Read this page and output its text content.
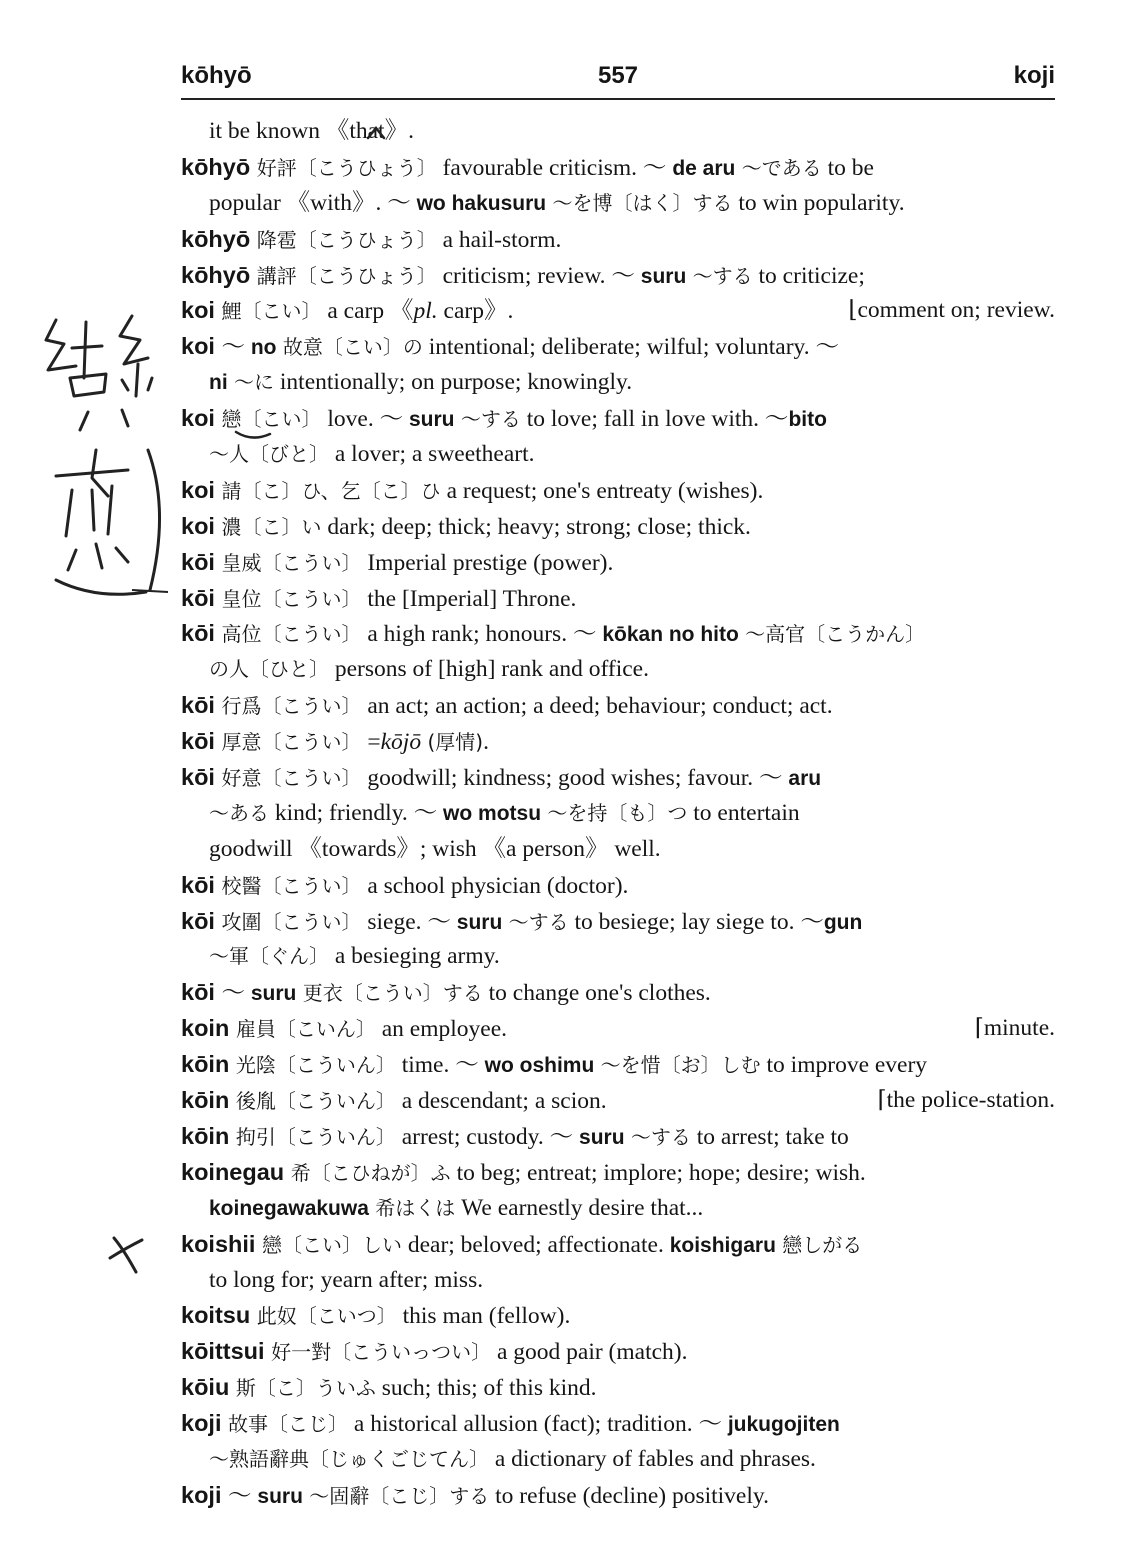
kōhyō	557	koji
it be known 《that》.
kōhyō 好評〔こうひょう〕 favourable criticism. ～ de aru ～である to be
popular 《with》. ～ wo hakusuru ～を博〔はく〕する to win popularity.
kōhyō 降雹〔こうひょう〕 a hail-storm.
kōhyō 講評〔こうひょう〕 criticism; review. ～ suru ～する to criticize;
koi 鯉〔こい〕 a carp 《pl. carp》.	⌊comment on; review.
koi ～ no 故意〔こい〕の intentional; deliberate; wilful; voluntary. ～
ni ～に intentionally; on purpose; knowingly.
koi 戀〔こい〕 love. ～ suru ～する to love; fall in love with. ～bito
～人〔びと〕 a lover; a sweetheart.
koi 請〔こ〕ひ、乞〔こ〕ひ a request; one's entreaty (wishes).
koi 濃〔こ〕い dark; deep; thick; heavy; strong; close; thick.
kōi 皇威〔こうい〕 Imperial prestige (power).
kōi 皇位〔こうい〕 the [Imperial] Throne.
kōi 高位〔こうい〕 a high rank; honours. ～ kōkan no hito ～高官〔こうかん〕
の人〔ひと〕 persons of [high] rank and office.
kōi 行爲〔こうい〕 an act; an action; a deed; behaviour; conduct; act.
kōi 厚意〔こうい〕 =kōjō (厚情).
kōi 好意〔こうい〕 goodwill; kindness; good wishes; favour. ～ aru
～ある kind; friendly. ～ wo motsu ～を持〔も〕つ to entertain
goodwill 《towards》; wish 《a person》 well.
kōi 校醫〔こうい〕 a school physician (doctor).
kōi 攻圍〔こうい〕 siege. ～ suru ～する to besiege; lay siege to. ～gun
～軍〔ぐん〕 a besieging army.
kōi ～ suru 更衣〔こうい〕する to change one's clothes.
koin 雇員〔こいん〕 an employee.	⌈minute.
kōin 光陰〔こういん〕 time. ～ wo oshimu ～を惜〔お〕しむ to improve every
kōin 後胤〔こういん〕 a descendant; a scion.	⌈the police-station.
kōin 拘引〔こういん〕 arrest; custody. ～ suru ～する to arrest; take to
koinegau 希〔こひねが〕ふ to beg; entreat; implore; hope; desire; wish.
koinegawakuwa 希はくは We earnestly desire that...
koishii 戀〔こい〕しい dear; beloved; affectionate. koishigaru 戀しがる
to long for; yearn after; miss.
koitsu 此奴〔こいつ〕 this man (fellow).
kōittsui 好一對〔こういっつい〕 a good pair (match).
kōiu 斯〔こ〕ういふ such; this; of this kind.
koji 故事〔こじ〕 a historical allusion (fact); tradition. ～ jukugojiten
～熟語辭典〔じゅくごじてん〕 a dictionary of fables and phrases.
koji ～ suru ～固辭〔こじ〕する to refuse (decline) positively.
